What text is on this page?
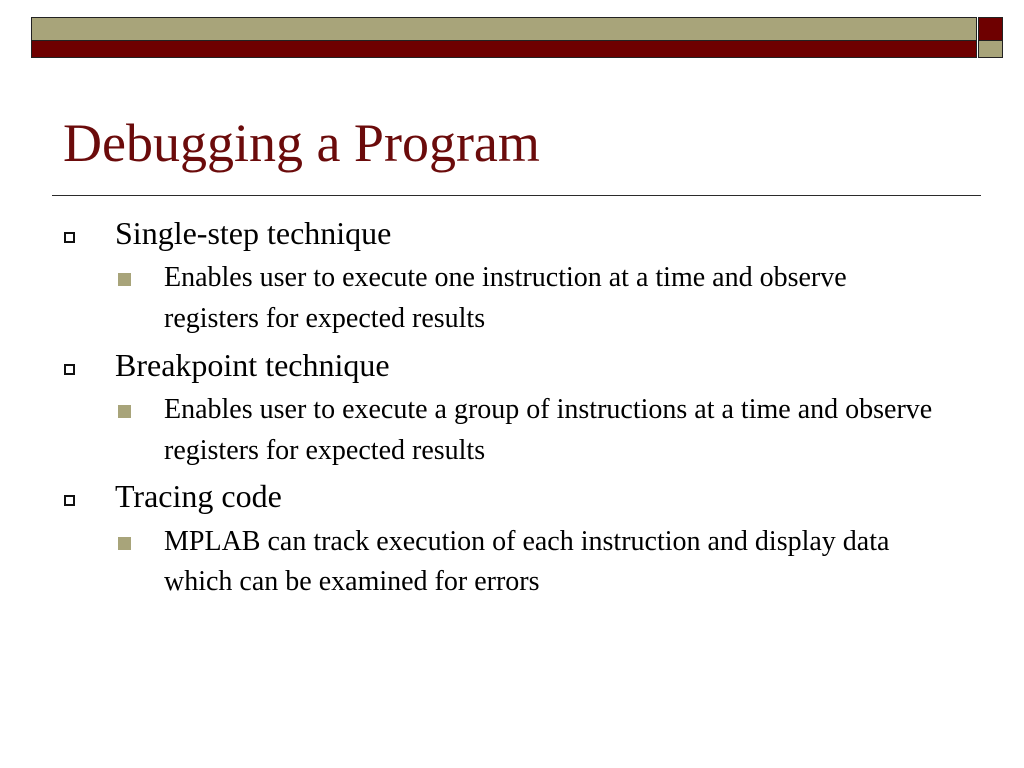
Debugging a Program
Single-step technique
Enables user to execute one instruction at a time and observe registers for expected results
Breakpoint technique
Enables user to execute a group of instructions at a time and observe registers for expected results
Tracing code
MPLAB can track execution of each instruction and display data which can be examined for errors
